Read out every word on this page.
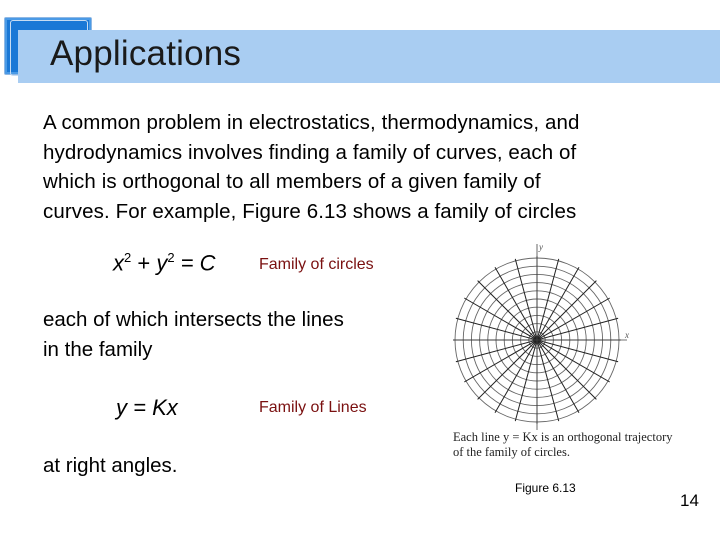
Applications

A common problem in electrostatics, thermodynamics, and

hydrodynamics involves finding a family of curves, each of

which is orthogonal to all members of a given family of

curves. For example, Figure 6.13 shows a family of circles

$x^2 + y^2 = C$	Family of circles

each of which intersects the lines

in the family

y = Kx	Family of Lines
at right angles.
x
y

Each line y = Kx is an orthogonal trajectory

of the family of circles.

Figure 6.13
14
